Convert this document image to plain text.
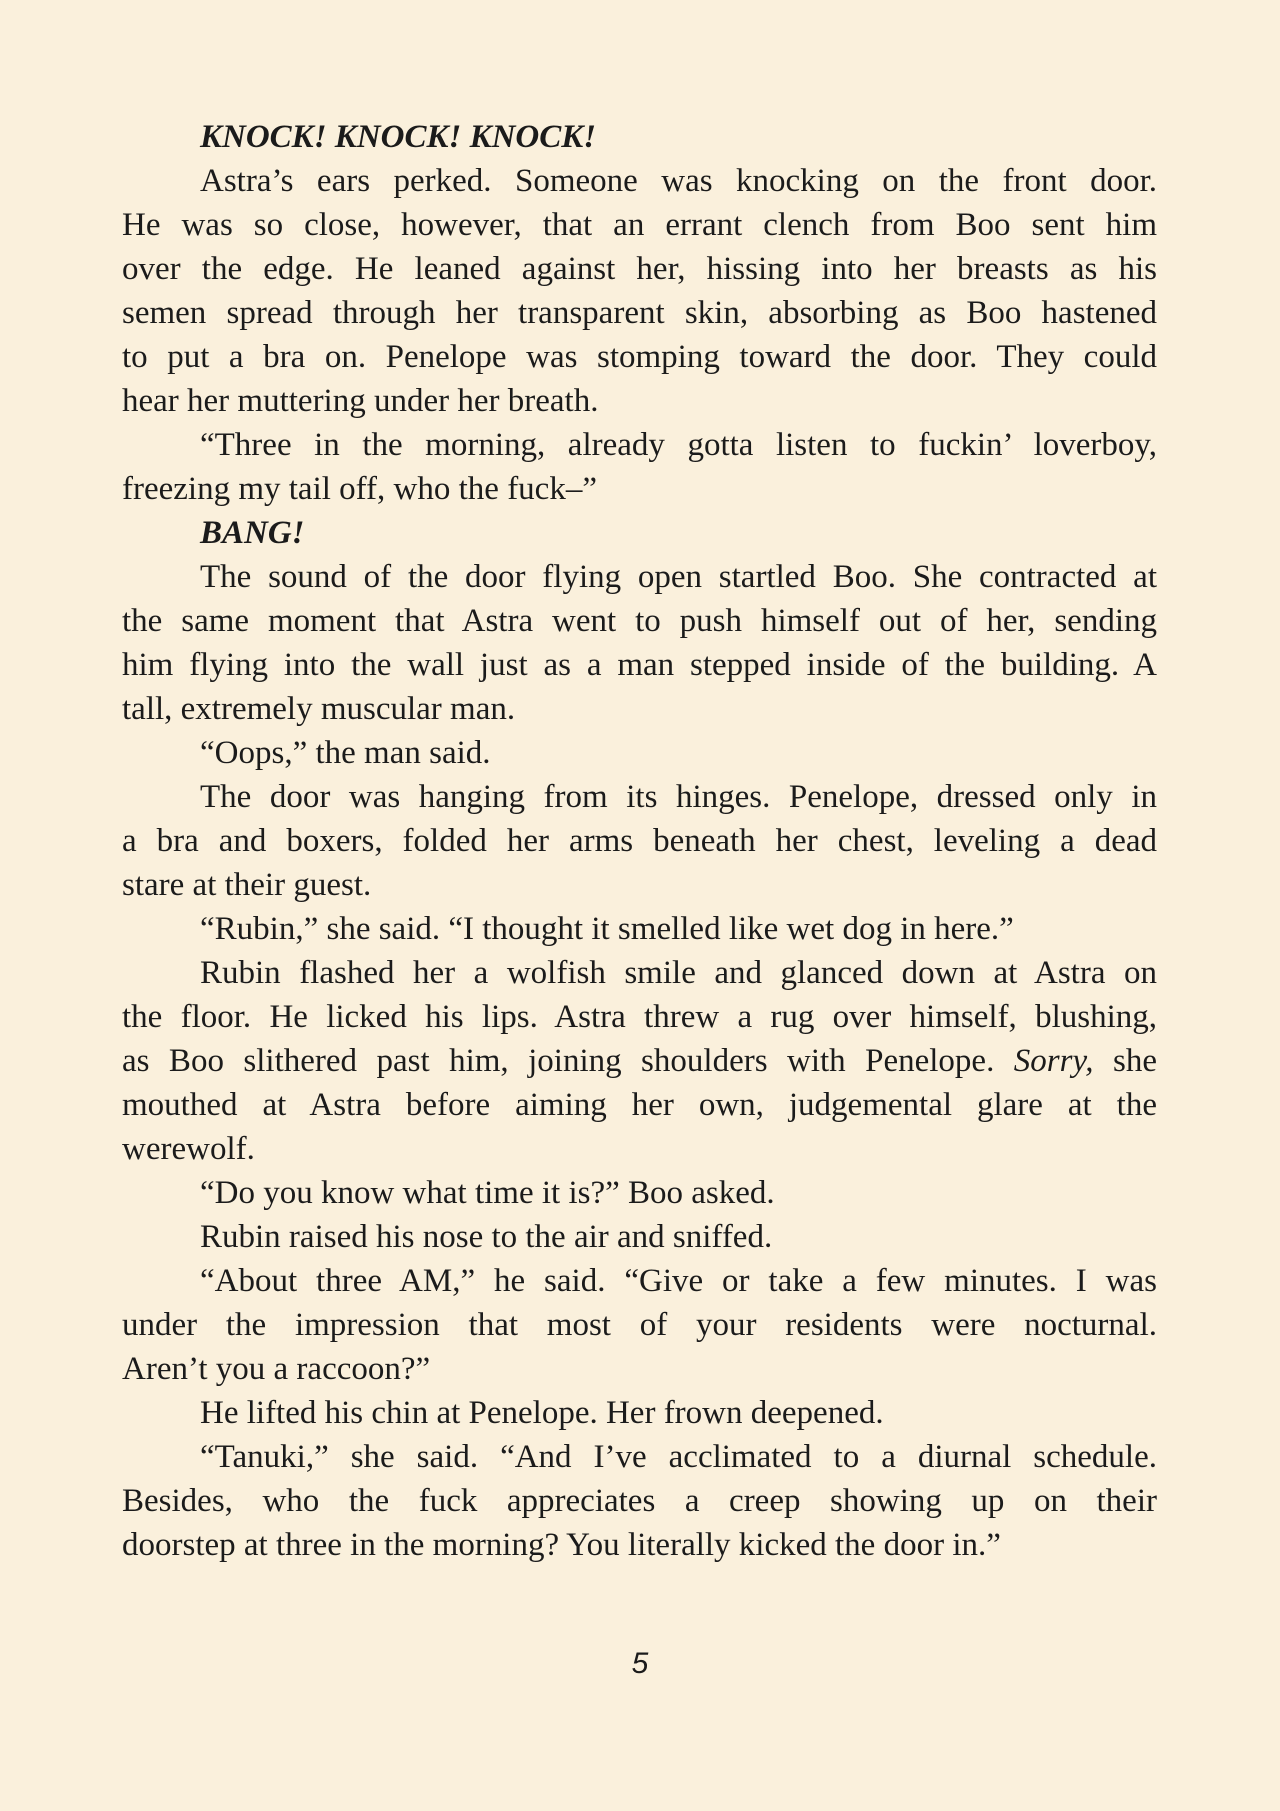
KNOCK! KNOCK! KNOCK!
Astra’s ears perked. Someone was knocking on the front door.
He was so close, however, that an errant clench from Boo sent him
over the edge. He leaned against her, hissing into her breasts as his
semen spread through her transparent skin, absorbing as Boo hastened
to put a bra on. Penelope was stomping toward the door. They could
hear her muttering under her breath.
“Three in the morning, already gotta listen to fuckin’ loverboy,
freezing my tail off, who the fuck–”
BANG!
The sound of the door flying open startled Boo. She contracted at
the same moment that Astra went to push himself out of her, sending
him flying into the wall just as a man stepped inside of the building. A
tall, extremely muscular man.
“Oops,” the man said.
The door was hanging from its hinges. Penelope, dressed only in
a bra and boxers, folded her arms beneath her chest, leveling a dead
stare at their guest.
“Rubin,” she said. “I thought it smelled like wet dog in here.”
Rubin flashed her a wolfish smile and glanced down at Astra on
the floor. He licked his lips. Astra threw a rug over himself, blushing,
as Boo slithered past him, joining shoulders with Penelope. Sorry, she
mouthed at Astra before aiming her own, judgemental glare at the
werewolf.
“Do you know what time it is?” Boo asked.
Rubin raised his nose to the air and sniffed.
“About three AM,” he said. “Give or take a few minutes. I was
under the impression that most of your residents were nocturnal.
Aren’t you a raccoon?”
He lifted his chin at Penelope. Her frown deepened.
“Tanuki,” she said. “And I’ve acclimated to a diurnal schedule.
Besides, who the fuck appreciates a creep showing up on their
doorstep at three in the morning? You literally kicked the door in.”
5
